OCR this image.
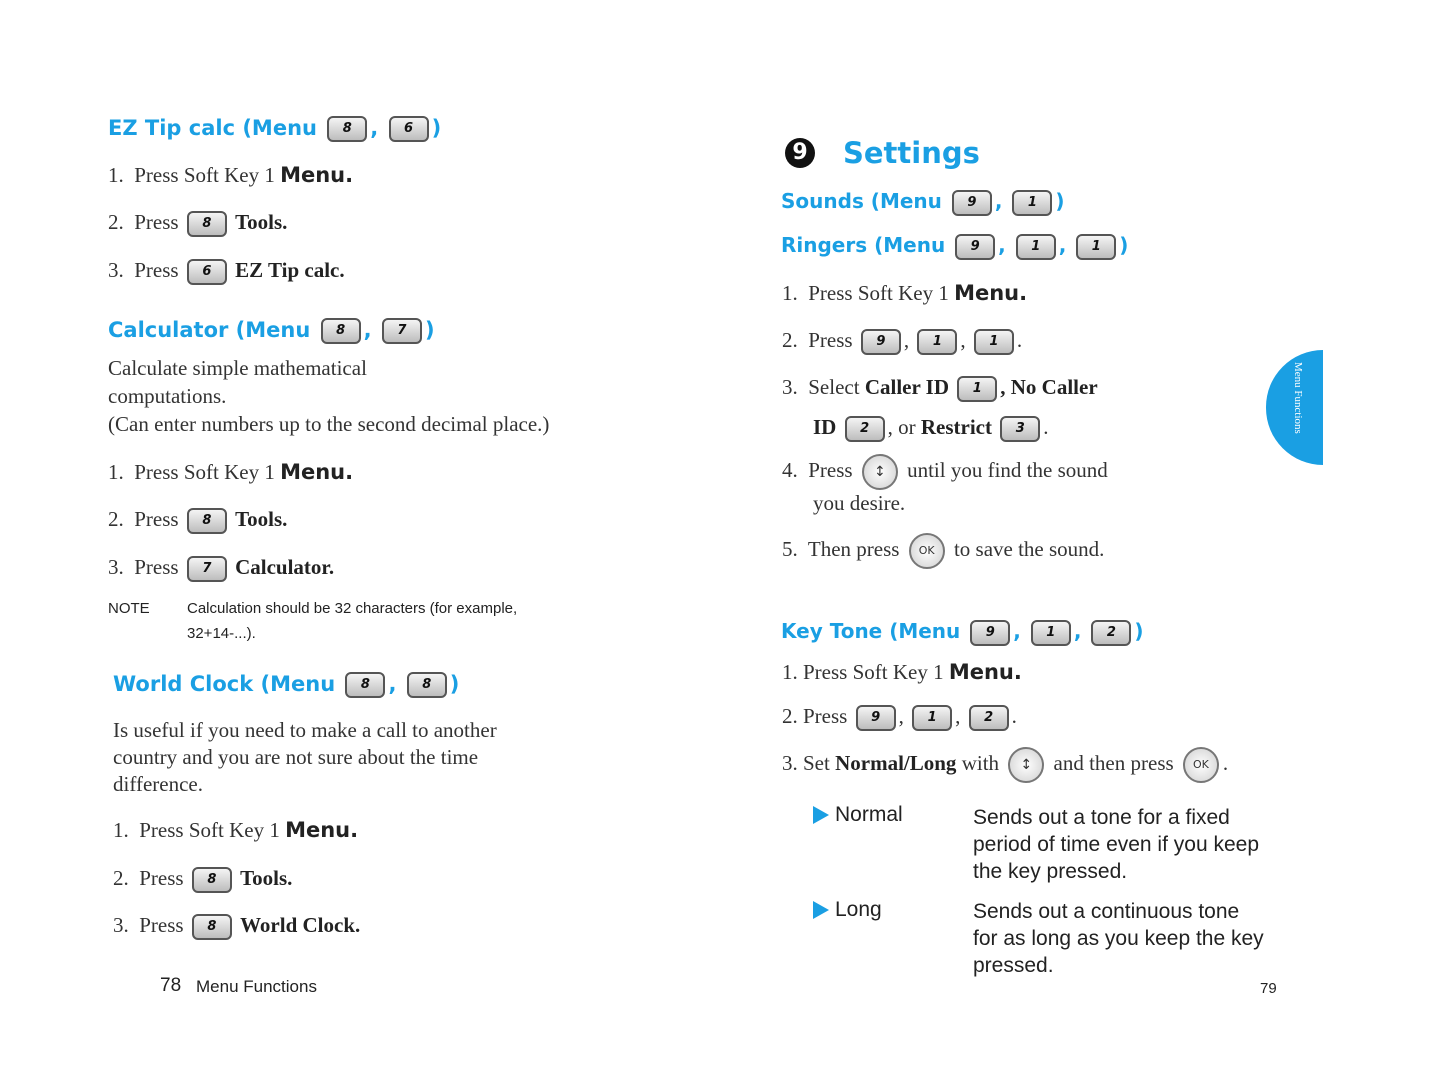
EZ Tip calc (Menu 8 , 6 )
1. Press Soft Key 1 Menu.
2. Press 8 Tools.
3. Press 6 EZ Tip calc.
Calculator (Menu 8 , 7 )
Calculate simple mathematical
computations.
(Can enter numbers up to the second decimal place.)
1. Press Soft Key 1 Menu.
2. Press 8 Tools.
3. Press 7 Calculator.
NOTE Calculation should be 32 characters (for example,
32+14-...).
World Clock (Menu 8 , 8 )
Is useful if you need to make a call to another
country and you are not sure about the time
difference.
1. Press Soft Key 1 Menu.
2. Press 8 Tools.
3. Press 8 World Clock.
78 Menu Functions
9 Settings
Sounds (Menu 9 , 1 )
Ringers (Menu 9 , 1 , 1 )
1. Press Soft Key 1 Menu.
2. Press 9 , 1 , 1 .
3. Select Caller ID 1 , No Caller
ID 2 , or Restrict 3 .
4. Press ↕ until you find the sound
you desire.
5. Then press OK to save the sound.
Key Tone (Menu 9 , 1 , 2 )
1. Press Soft Key 1 Menu.
2. Press 9 , 1 , 2 .
3. Set Normal/Long with ↕ and then press OK .
Normal	Sends out a tone for a fixed
period of time even if you keep
the key pressed.
Long	Sends out a continuous tone
for as long as you keep the key
pressed.
Menu Functions
79
